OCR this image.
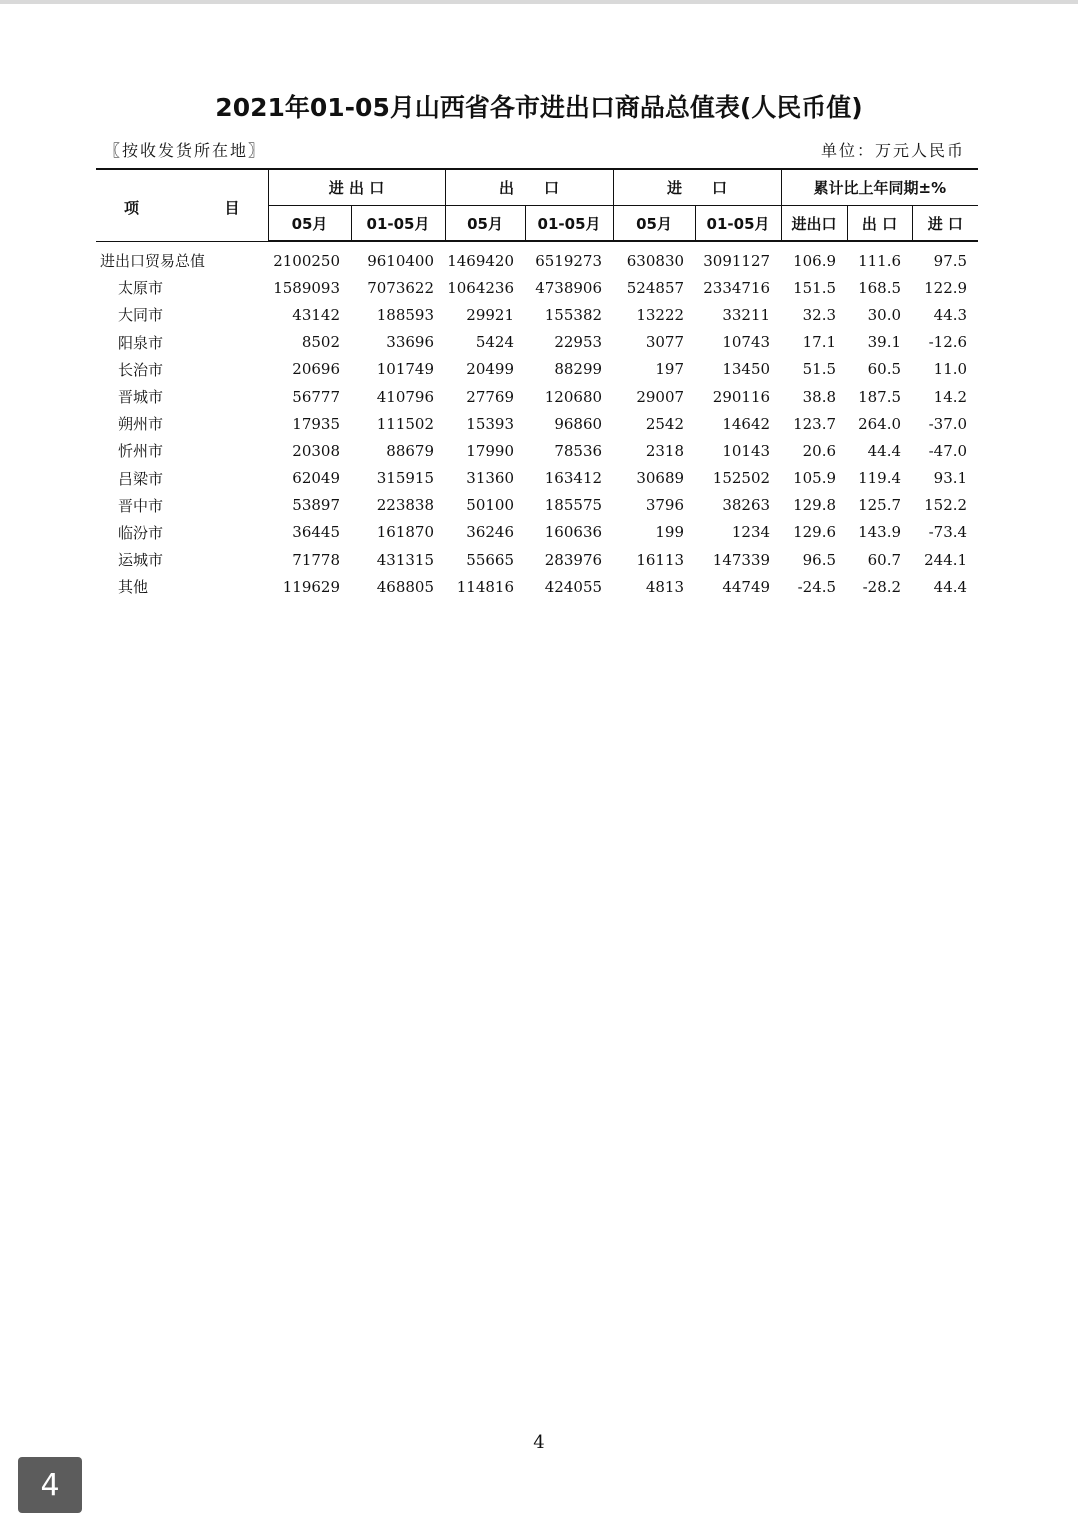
2021年01-05月山西省各市进出口商品总值表(人民币值)
〖按收发货所在地〗	单位：万元人民币
项 目	进 出 口		出　　口		进　　口		累计比上年同期±%		
	05月	01-05月	05月	01-05月	05月	01-05月	进出口	出 口	进 口
进出口贸易总值	2100250	9610400	1469420	6519273	630830	3091127	106.9	111.6	97.5
太原市	1589093	7073622	1064236	4738906	524857	2334716	151.5	168.5	122.9
大同市	43142	188593	29921	155382	13222	33211	32.3	30.0	44.3
阳泉市	8502	33696	5424	22953	3077	10743	17.1	39.1	-12.6
长治市	20696	101749	20499	88299	197	13450	51.5	60.5	11.0
晋城市	56777	410796	27769	120680	29007	290116	38.8	187.5	14.2
朔州市	17935	111502	15393	96860	2542	14642	123.7	264.0	-37.0
忻州市	20308	88679	17990	78536	2318	10143	20.6	44.4	-47.0
吕梁市	62049	315915	31360	163412	30689	152502	105.9	119.4	93.1
晋中市	53897	223838	50100	185575	3796	38263	129.8	125.7	152.2
临汾市	36445	161870	36246	160636	199	1234	129.6	143.9	-73.4
运城市	71778	431315	55665	283976	16113	147339	96.5	60.7	244.1
其他	119629	468805	114816	424055	4813	44749	-24.5	-28.2	44.4
4
4
